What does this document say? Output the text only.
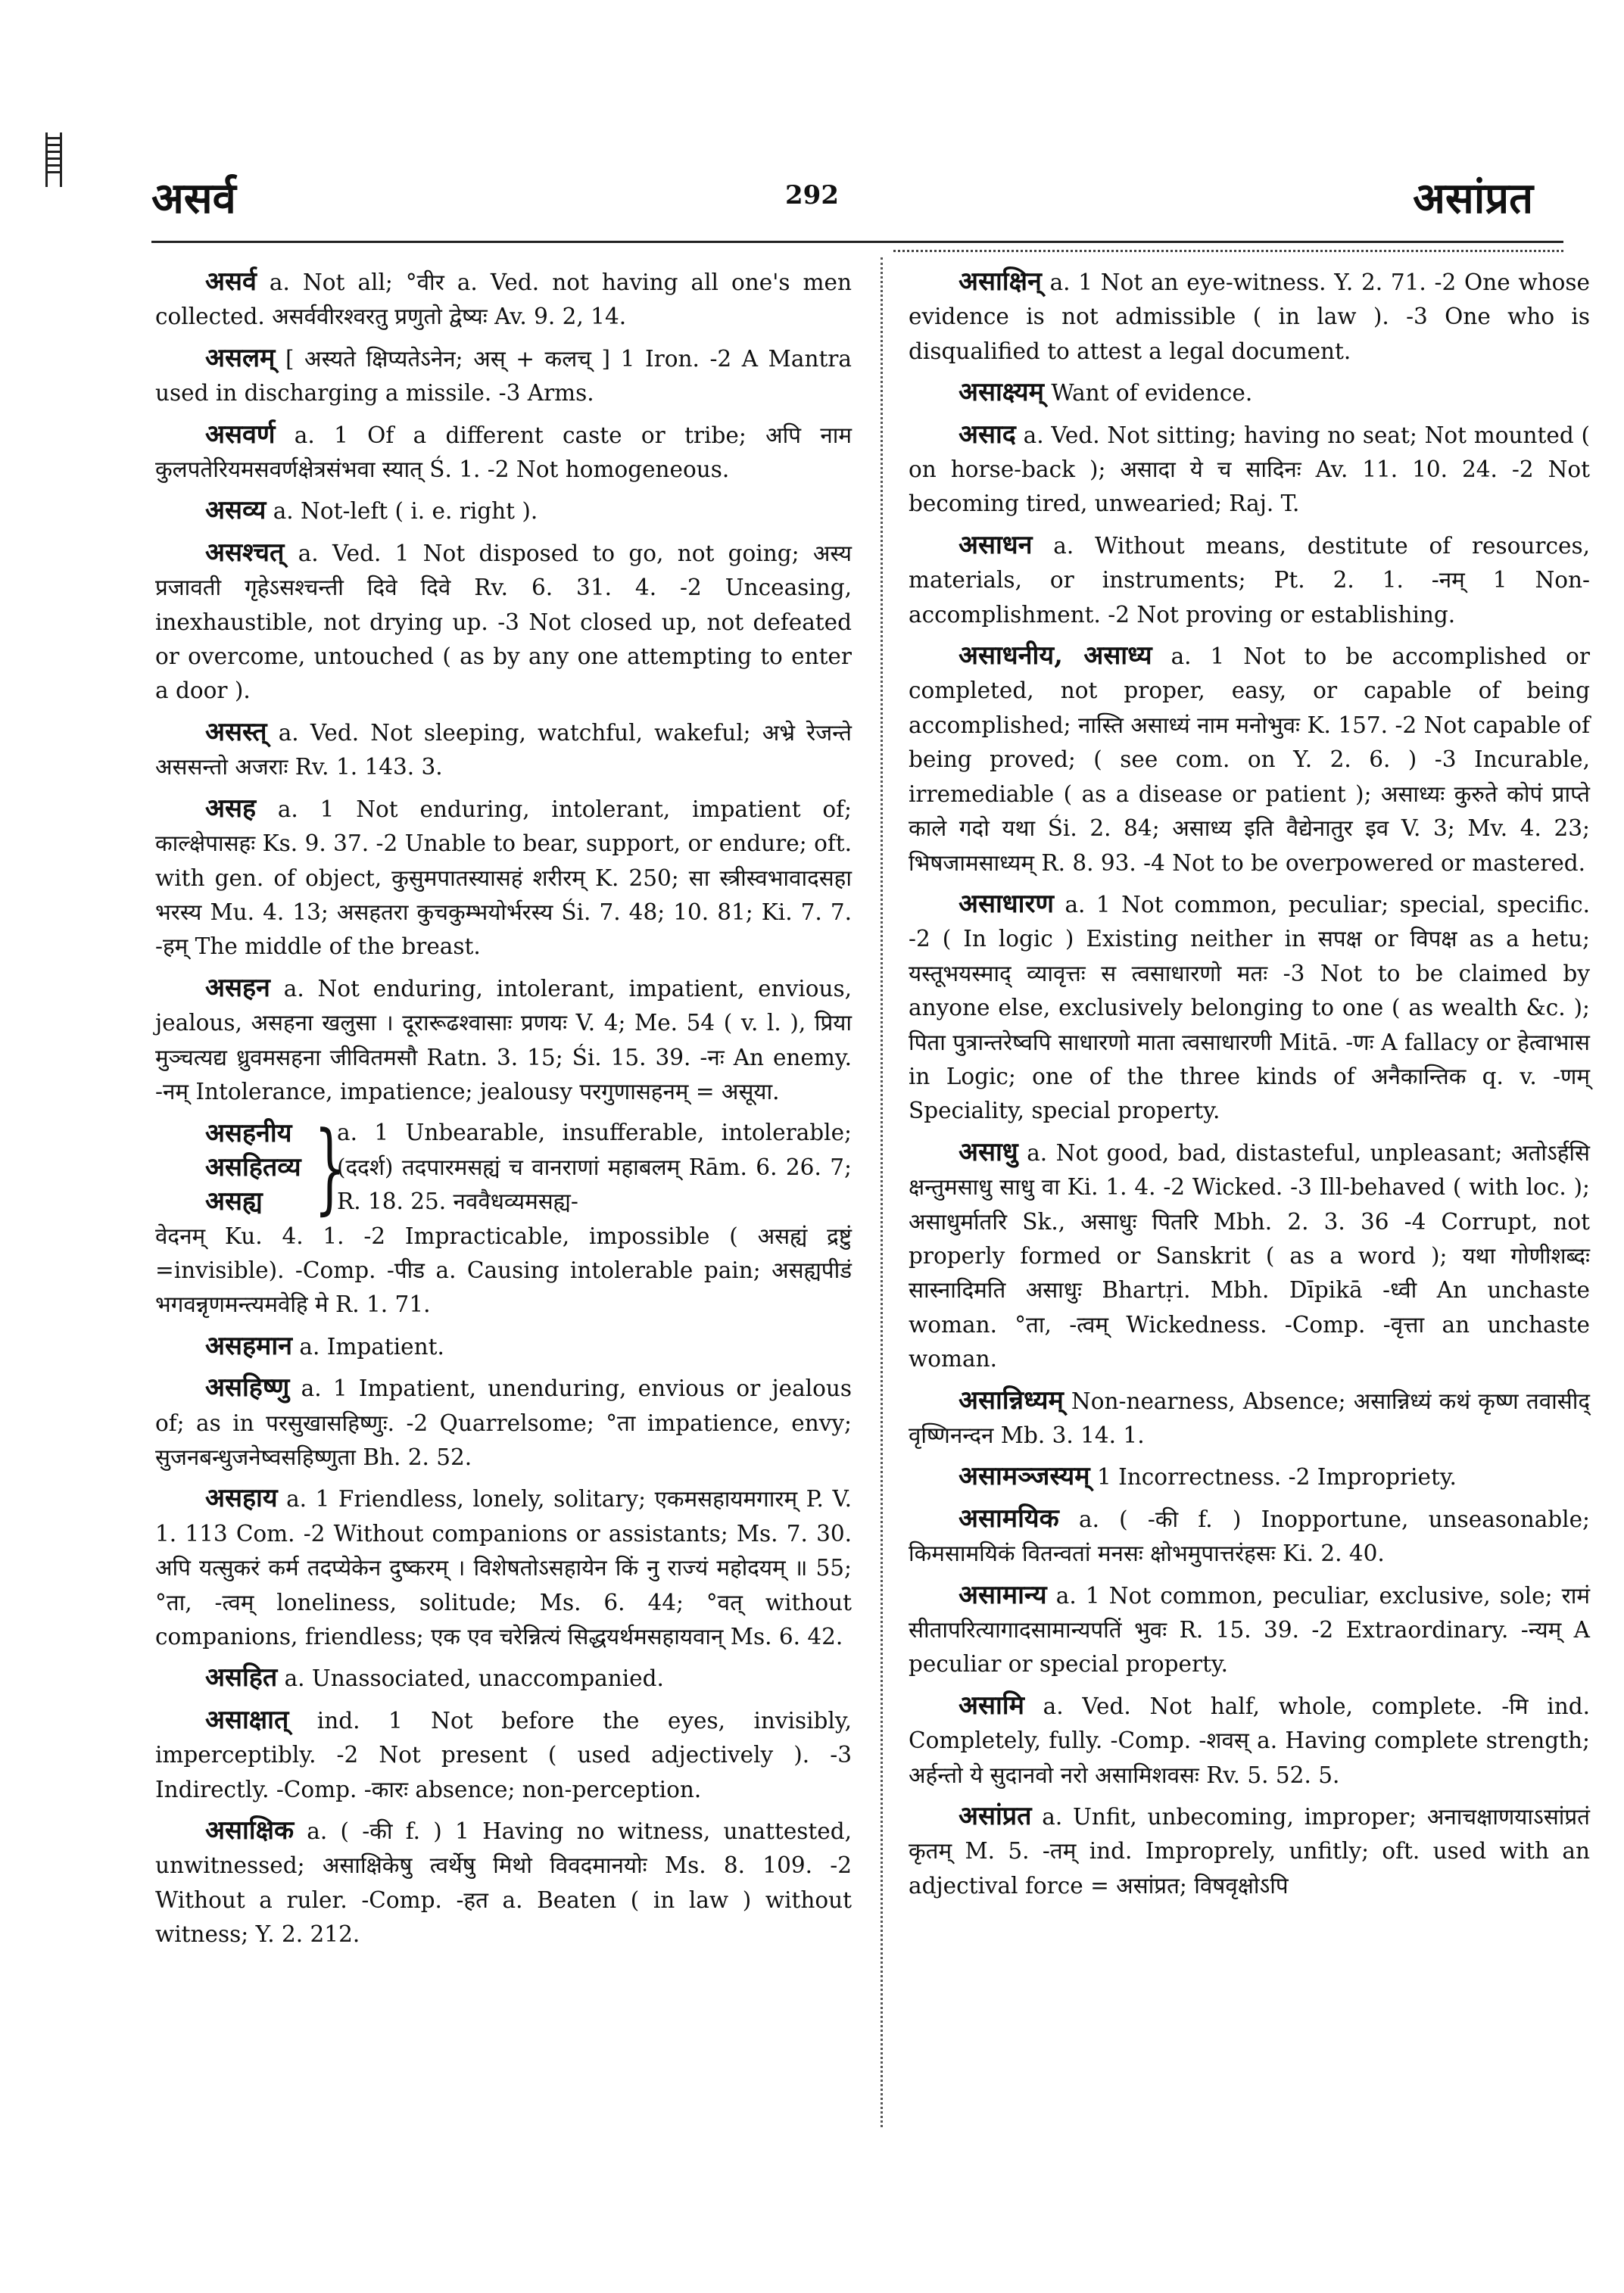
असर्व	292	असांप्रत

असर्व a. Not all; °वीर a. Ved. not having all one's men collected. असर्ववीरश्वरतु प्रणुतो द्वेष्यः Av. 9. 2, 14.

असलम् [ अस्यते क्षिप्यतेऽनेन; अस् + कलच् ] 1 Iron. -2 A Mantra used in discharging a missile. -3 Arms.

असवर्ण a. 1 Of a different caste or tribe; अपि नाम कुलपतेरियमसवर्णक्षेत्रसंभवा स्यात् Ś. 1. -2 Not homogeneous.

असव्य a. Not-left ( i. e. right ).

असश्चत् a. Ved. 1 Not disposed to go, not going; अस्य प्रजावती गृहेऽसश्चन्ती दिवे दिवे Rv. 6. 31. 4. -2 Unceasing, inexhaustible, not drying up. -3 Not closed up, not defeated or overcome, untouched ( as by any one attempting to enter a door ).

असस्त् a. Ved. Not sleeping, watchful, wakeful; अभ्रे रेजन्ते अससन्तो अजराः Rv. 1. 143. 3.

असह a. 1 Not enduring, intolerant, impatient of; काल्क्षेपासहः Ks. 9. 37. -2 Unable to bear, support, or endure; oft. with gen. of object, कुसुमपातस्यासहं शरीरम् K. 250; सा स्त्रीस्वभावादसहा भरस्य Mu. 4. 13; असहतरा कुचकुम्भयोर्भरस्य Śi. 7. 48; 10. 81; Ki. 7. 7. -हम् The middle of the breast.

असहन a. Not enduring, intolerant, impatient, envious, jealous, असहना खलुसा । दूरारूढश्वासाः प्रणयः V. 4; Me. 54 ( v. l. ), प्रिया मुञ्चत्यद्य ध्रुवमसहना जीवितमसौ Ratn. 3. 15; Śi. 15. 39. -नः An enemy. -नम् Intolerance, impatience; jealousy परगुणासहनम् = असूया.

असहनीय
असहितव्य
असह्य }
a. 1 Unbearable, insufferable, intolerable; (ददर्श) तदपारमसह्यं च वानराणां महाबलम् Rām. 6. 26. 7; R. 18. 25. नववैधव्यमसह्य-

वेदनम् Ku. 4. 1. -2 Impracticable, impossible ( असह्यं द्रष्टुं =invisible). -Comp. -पीड a. Causing intolerable pain; असह्यपीडं भगवन्नृणमन्त्यमवेहि मे R. 1. 71.

असहमान a. Impatient.

असहिष्णु a. 1 Impatient, unenduring, envious or jealous of; as in परसुखासहिष्णुः. -2 Quarrelsome; °ता impatience, envy; सुजनबन्धुजनेष्वसहिष्णुता Bh. 2. 52.

असहाय a. 1 Friendless, lonely, solitary; एकमसहायमगारम् P. V. 1. 113 Com. -2 Without companions or assistants; Ms. 7. 30. अपि यत्सुकरं कर्म तदप्येकेन दुष्करम् । विशेषतोऽसहायेन किं नु राज्यं महोदयम् ॥ 55; °ता, -त्वम् loneliness, solitude; Ms. 6. 44; °वत् without companions, friendless; एक एव चरेन्नित्यं सिद्धयर्थमसहायवान् Ms. 6. 42.

असहित a. Unassociated, unaccompanied.

असाक्षात् ind. 1 Not before the eyes, invisibly, imperceptibly. -2 Not present ( used adjectively ). -3 Indirectly. -Comp. -कारः absence; non-perception.

असाक्षिक a. ( -की f. ) 1 Having no witness, unattested, unwitnessed; असाक्षिकेषु त्वर्थेषु मिथो विवदमानयोः Ms. 8. 109. -2 Without a ruler. -Comp. -हत a. Beaten ( in law ) without witness; Y. 2. 212.

असाक्षिन् a. 1 Not an eye-witness. Y. 2. 71. -2 One whose evidence is not admissible ( in law ). -3 One who is disqualified to attest a legal document.

असाक्ष्यम् Want of evidence.

असाद a. Ved. Not sitting; having no seat; Not mounted ( on horse-back ); असादा ये च सादिनः Av. 11. 10. 24. -2 Not becoming tired, unwearied; Raj. T.

असाधन a. Without means, destitute of resources, materials, or instruments; Pt. 2. 1. -नम् 1 Non-accomplishment. -2 Not proving or establishing.

असाधनीय, असाध्य a. 1 Not to be accomplished or completed, not proper, easy, or capable of being accomplished; नास्ति असाध्यं नाम मनोभुवः K. 157. -2 Not capable of being proved; ( see com. on Y. 2. 6. ) -3 Incurable, irremediable ( as a disease or patient ); असाध्यः कुरुते कोपं प्राप्ते काले गदो यथा Śi. 2. 84; असाध्य इति वैद्येनातुर इव V. 3; Mv. 4. 23; भिषजामसाध्यम् R. 8. 93. -4 Not to be overpowered or mastered.

असाधारण a. 1 Not common, peculiar; special, specific. -2 ( In logic ) Existing neither in सपक्ष or विपक्ष as a hetu; यस्तूभयस्माद् व्यावृत्तः स त्वसाधारणो मतः -3 Not to be claimed by anyone else, exclusively belonging to one ( as wealth &c. ); पिता पुत्रान्तरेष्वपि साधारणो माता त्वसाधारणी Mitā. -णः A fallacy or हेत्वाभास in Logic; one of the three kinds of अनैकान्तिक q. v. -णम् Speciality, special property.

असाधु a. Not good, bad, distasteful, unpleasant; अतोऽर्हसि क्षन्तुमसाधु साधु वा Ki. 1. 4. -2 Wicked. -3 Ill-behaved ( with loc. ); असाधुर्मातरि Sk., असाधुः पितरि Mbh. 2. 3. 36 -4 Corrupt, not properly formed or Sanskrit ( as a word ); यथा गोणीशब्दः सास्नादिमति असाधुः Bhartṛi. Mbh. Dīpikā -ध्वी An unchaste woman. °ता, -त्वम् Wickedness. -Comp. -वृत्ता an unchaste woman.

असान्निध्यम् Non-nearness, Absence; असान्निध्यं कथं कृष्ण तवासीद् वृष्णिनन्दन Mb. 3. 14. 1.

असामञ्जस्यम् 1 Incorrectness. -2 Impropriety.

असामयिक a. ( -की f. ) Inopportune, unseasonable; किमसामयिकं वितन्वतां मनसः क्षोभमुपात्तरंहसः Ki. 2. 40.

असामान्य a. 1 Not common, peculiar, exclusive, sole; रामं सीतापरित्यागादसामान्यपतिं भुवः R. 15. 39. -2 Extraordinary. -न्यम् A peculiar or special property.

असामि a. Ved. Not half, whole, complete. -मि ind. Completely, fully. -Comp. -शवस् a. Having complete strength; अर्हन्तो ये सुदानवो नरो असामिशवसः Rv. 5. 52. 5.

असांप्रत a. Unfit, unbecoming, improper; अनाचक्षाणयाऽसांप्रतं कृतम् M. 5. -तम् ind. Improprely, unfitly; oft. used with an adjectival force = असांप्रत; विषवृक्षोऽपि
